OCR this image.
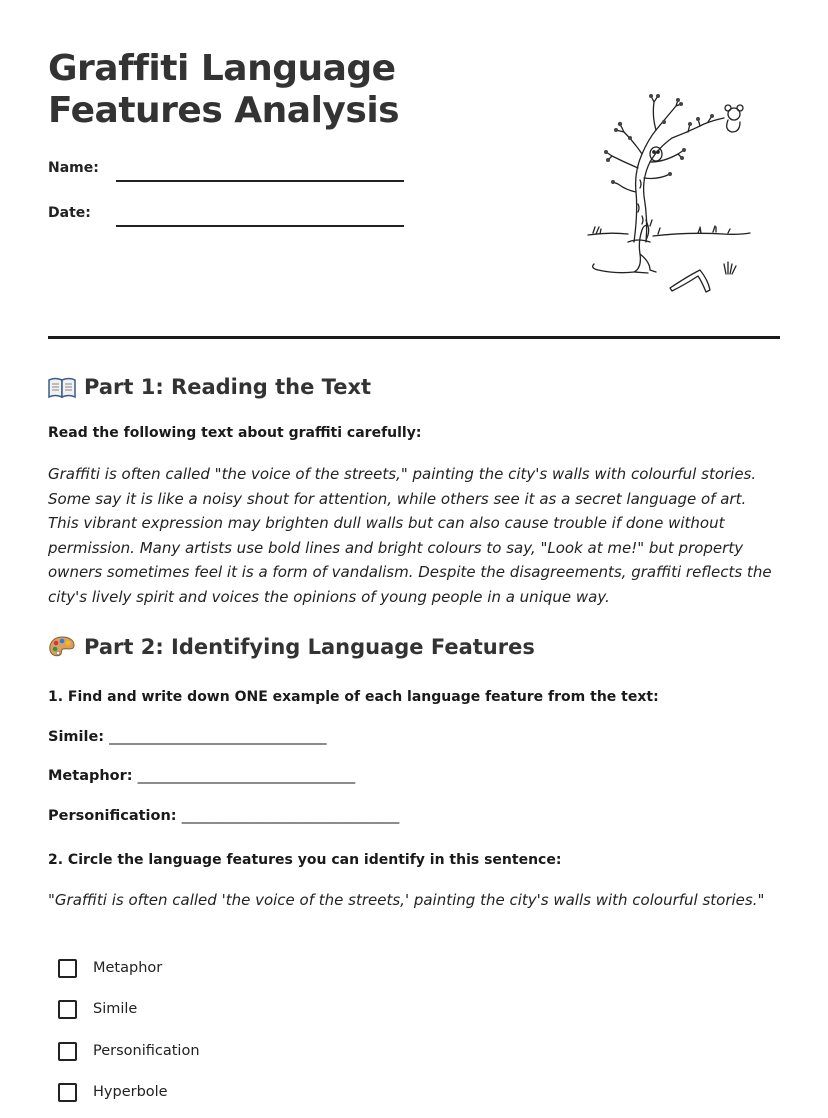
Graffiti Language
Features Analysis
Name:
Date:
Part 1: Reading the Text
Read the following text about graffiti carefully:

Graffiti is often called "the voice of the streets," painting the city's walls with colourful stories. Some say it is like a noisy shout for attention, while others see it as a secret language of art. This vibrant expression may brighten dull walls but can also cause trouble if done without permission. Many artists use bold lines and bright colours to say, "Look at me!" but property owners sometimes feel it is a form of vandalism. Despite the disagreements, graffiti reflects the city's lively spirit and voices the opinions of young people in a unique way.

Part 2: Identifying Language Features
1. Find and write down ONE example of each language feature from the text:
Simile: ______________________________
Metaphor: ______________________________
Personification: ______________________________
2. Circle the language features you can identify in this sentence:
"Graffiti is often called 'the voice of the streets,' painting the city's walls with colourful stories."
Metaphor
Simile
Personification
Hyperbole
